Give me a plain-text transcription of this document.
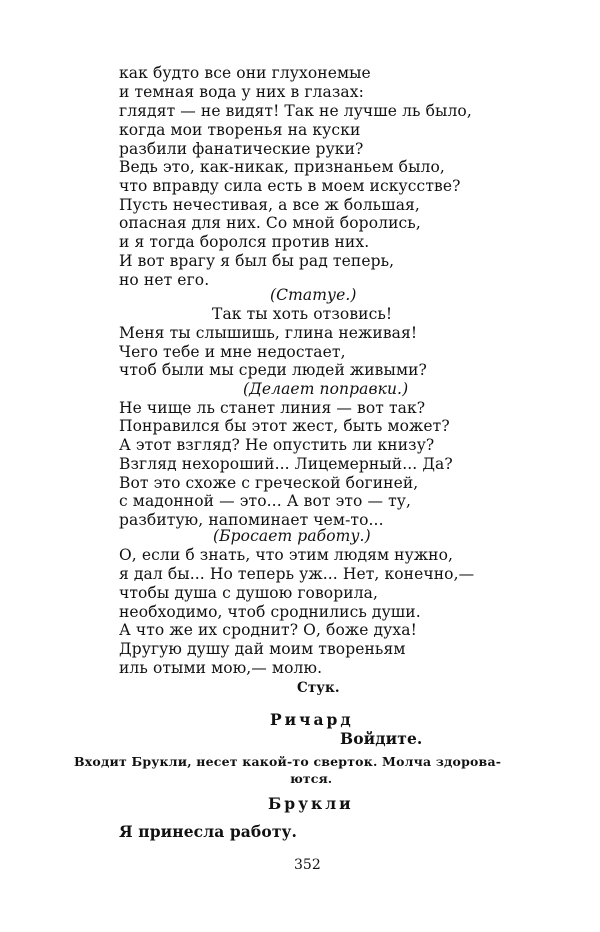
как будто все они глухонемые
и темная вода у них в глазах:
глядят — не видят! Так не лучше ль было,
когда мои творенья на куски
разбили фанатические руки?
Ведь это, как-никак, признаньем было,
что вправду сила есть в моем искусстве?
Пусть нечестивая, а все ж большая,
опасная для них. Со мной боролись,
и я тогда боролся против них.
И вот врагу я был бы рад теперь,
но нет его.
(Статуе.)
Так ты хоть отзовись!
Меня ты слышишь, глина неживая!
Чего тебе и мне недостает,
чтоб были мы среди людей живыми?
(Делает поправки.)
Не чище ль станет линия — вот так?
Понравился бы этот жест, быть может?
А этот взгляд? Не опустить ли книзу?
Взгляд нехороший... Лицемерный... Да?
Вот это схоже с греческой богиней,
с мадонной — это... А вот это — ту,
разбитую, напоминает чем-то...
(Бросает работу.)
О, если б знать, что этим людям нужно,
я дал бы... Но теперь уж... Нет, конечно,—
чтобы душа с душою говорила,
необходимо, чтоб сроднились души.
А что же их сроднит? О, боже духа!
Другую душу дай моим твореньям
иль отыми мою,— молю.
Стук.
Ричард
Войдите.
Входит Брукли, несет какой-то сверток. Молча здорова-
ются.
Брукли
Я принесла работу.
352
